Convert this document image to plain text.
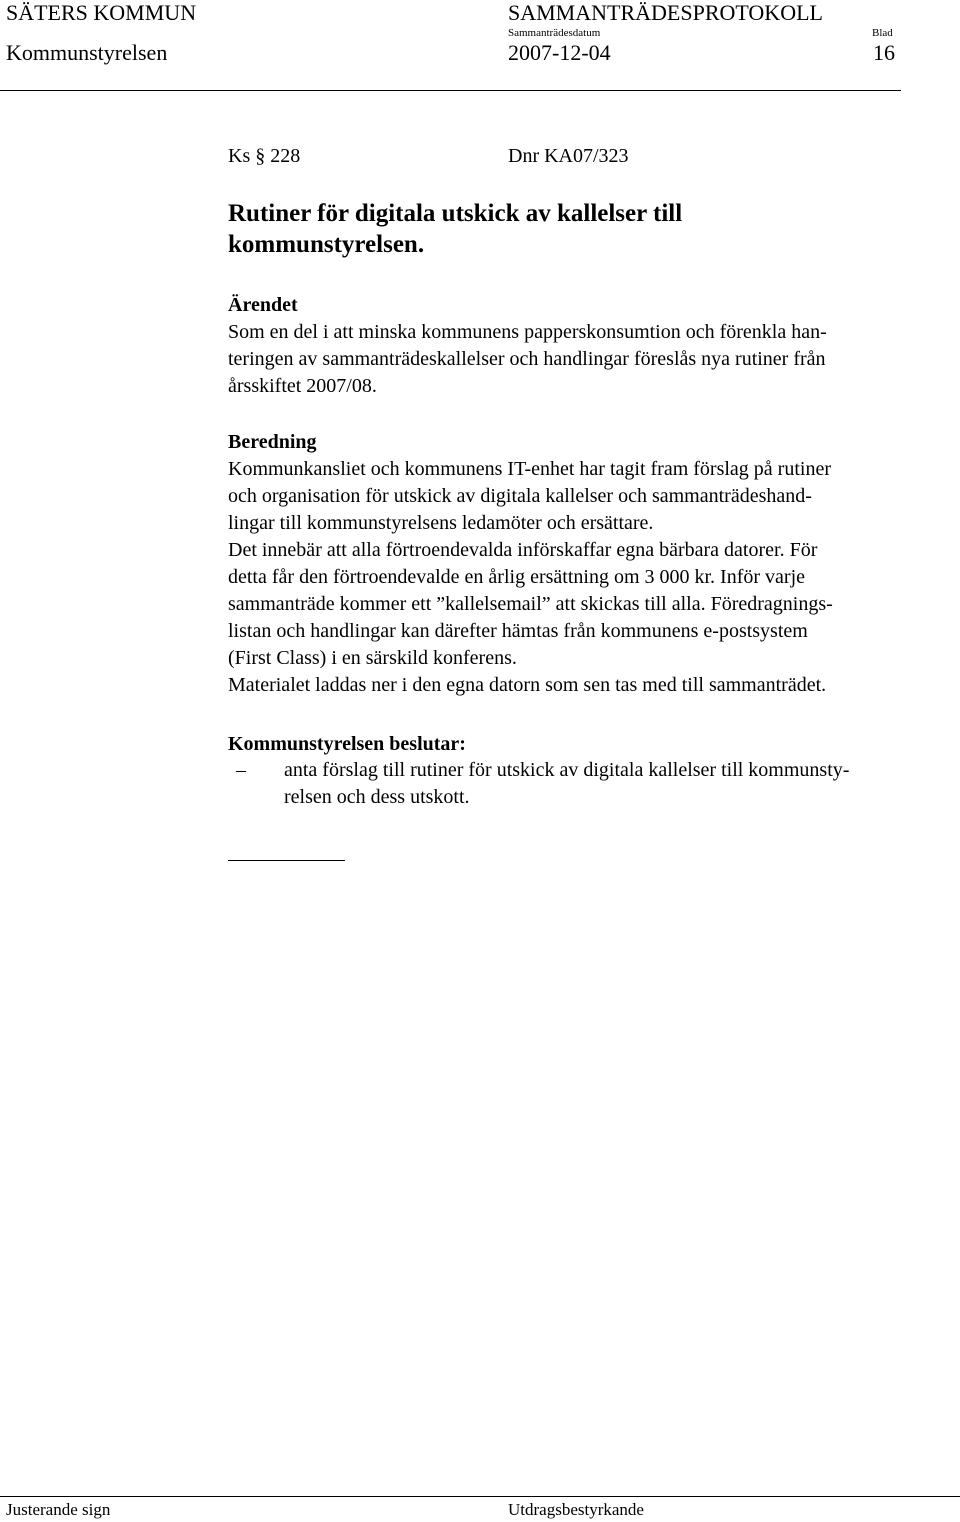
SÄTERS KOMMUN	SAMMANTRÄDESPROTOKOLL
Sammanträdesdatum	Blad
Kommunstyrelsen	2007-12-04	16
Ks § 228	Dnr KA07/323
Rutiner för digitala utskick av kallelser till
kommunstyrelsen.
Ärendet
Som en del i att minska kommunens papperskonsumtion och förenkla han-
teringen av sammanträdeskallelser och handlingar föreslås nya rutiner från
årsskiftet 2007/08.
Beredning
Kommunkansliet och kommunens IT-enhet har tagit fram förslag på rutiner
och organisation för utskick av digitala kallelser och sammanträdeshand-
lingar till kommunstyrelsens ledamöter och ersättare.
Det innebär att alla förtroendevalda införskaffar egna bärbara datorer. För
detta får den förtroendevalde en årlig ersättning om 3 000 kr. Inför varje
sammanträde kommer ett ”kallelsemail” att skickas till alla. Föredragnings-
listan och handlingar kan därefter hämtas från kommunens e-postsystem
(First Class) i en särskild konferens.
Materialet laddas ner i den egna datorn som sen tas med till sammanträdet.
Kommunstyrelsen beslutar:
– anta förslag till rutiner för utskick av digitala kallelser till kommunsty-
relsen och dess utskott.
Justerande sign	Utdragsbestyrkande
